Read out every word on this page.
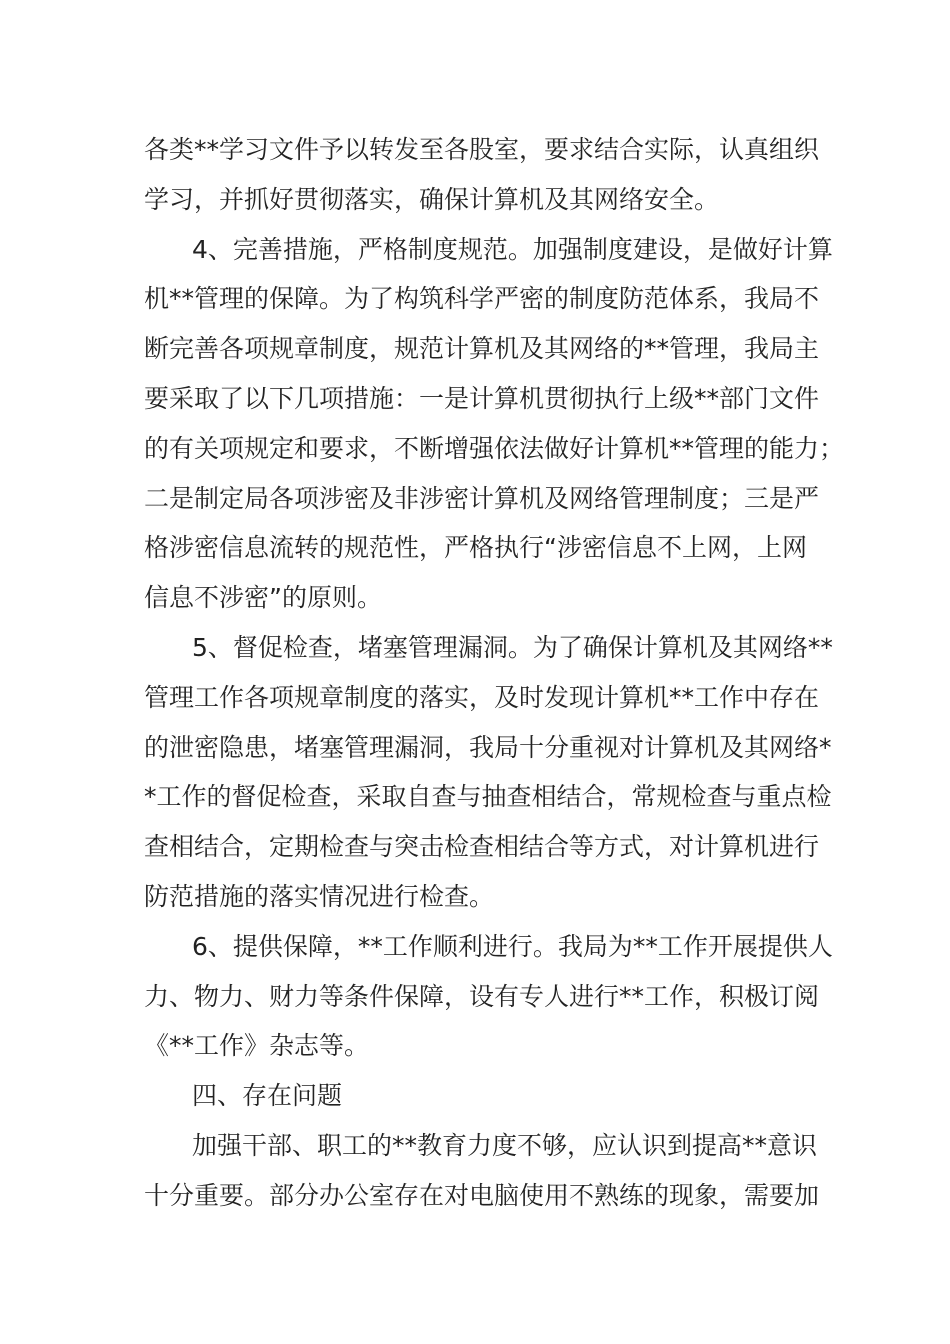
各类**学习文件予以转发至各股室，要求结合实际，认真组织
学习，并抓好贯彻落实，确保计算机及其网络安全。
4、完善措施，严格制度规范。加强制度建设，是做好计算
机**管理的保障。为了构筑科学严密的制度防范体系，我局不
断完善各项规章制度，规范计算机及其网络的**管理，我局主
要采取了以下几项措施：一是计算机贯彻执行上级**部门文件
的有关项规定和要求，不断增强依法做好计算机**管理的能力；
二是制定局各项涉密及非涉密计算机及网络管理制度；三是严
格涉密信息流转的规范性，严格执行“涉密信息不上网，上网
信息不涉密”的原则。
5、督促检查，堵塞管理漏洞。为了确保计算机及其网络**
管理工作各项规章制度的落实，及时发现计算机**工作中存在
的泄密隐患，堵塞管理漏洞，我局十分重视对计算机及其网络*
*工作的督促检查，采取自查与抽查相结合，常规检查与重点检
查相结合，定期检查与突击检查相结合等方式，对计算机进行
防范措施的落实情况进行检查。
6、提供保障，**工作顺利进行。我局为**工作开展提供人
力、物力、财力等条件保障，设有专人进行**工作，积极订阅
《**工作》杂志等。
四、存在问题
加强干部、职工的**教育力度不够，应认识到提高**意识
十分重要。部分办公室存在对电脑使用不熟练的现象，需要加
